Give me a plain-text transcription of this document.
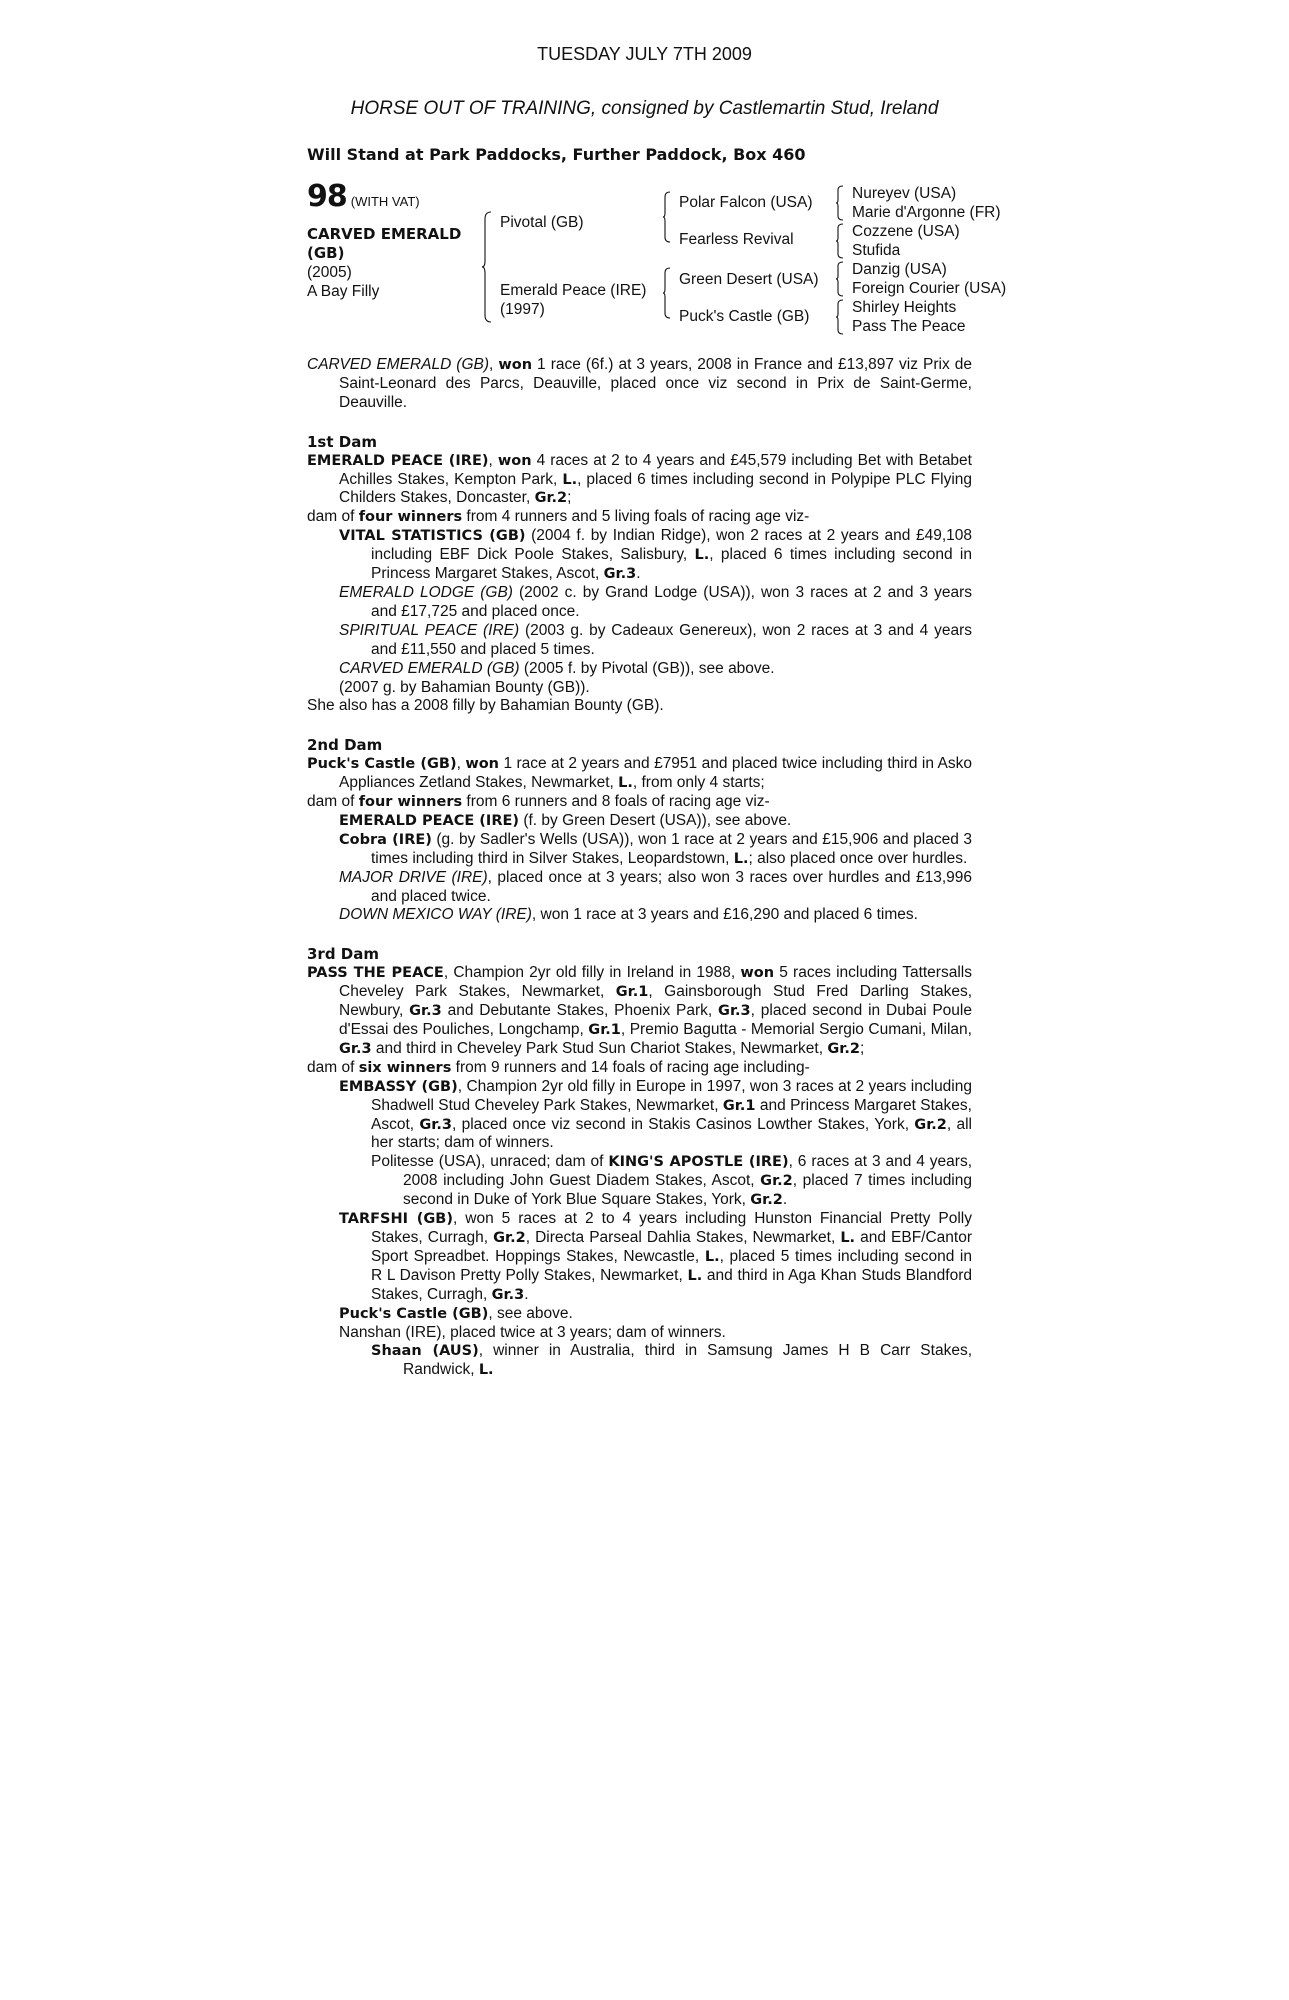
TUESDAY JULY 7TH 2009
HORSE OUT OF TRAINING, consigned by Castlemartin Stud, Ireland
Will Stand at Park Paddocks, Further Paddock, Box 460
98 (WITH VAT)
CARVED EMERALD
(GB)
(2005)
A Bay Filly
Pivotal (GB)
Emerald Peace (IRE)
(1997)
Polar Falcon (USA)
Fearless Revival
Green Desert (USA)
Puck's Castle (GB)
Nureyev (USA)
Marie d'Argonne (FR)
Cozzene (USA)
Stufida
Danzig (USA)
Foreign Courier (USA)
Shirley Heights
Pass The Peace

CARVED EMERALD (GB), won 1 race (6f.) at 3 years, 2008 in France and £13,897 viz Prix de Saint-Leonard des Parcs, Deauville, placed once viz second in Prix de Saint-Germe, Deauville.

1st Dam

EMERALD PEACE (IRE), won 4 races at 2 to 4 years and £45,579 including Bet with Betabet Achilles Stakes, Kempton Park, L., placed 6 times including second in Polypipe PLC Flying Childers Stakes, Doncaster, Gr.2;

dam of four winners from 4 runners and 5 living foals of racing age viz-

VITAL STATISTICS (GB) (2004 f. by Indian Ridge), won 2 races at 2 years and £49,108 including EBF Dick Poole Stakes, Salisbury, L., placed 6 times including second in Princess Margaret Stakes, Ascot, Gr.3.

EMERALD LODGE (GB) (2002 c. by Grand Lodge (USA)), won 3 races at 2 and 3 years and £17,725 and placed once.

SPIRITUAL PEACE (IRE) (2003 g. by Cadeaux Genereux), won 2 races at 3 and 4 years and £11,550 and placed 5 times.

CARVED EMERALD (GB) (2005 f. by Pivotal (GB)), see above.

(2007 g. by Bahamian Bounty (GB)).

She also has a 2008 filly by Bahamian Bounty (GB).

2nd Dam

Puck's Castle (GB), won 1 race at 2 years and £7951 and placed twice including third in Asko Appliances Zetland Stakes, Newmarket, L., from only 4 starts;

dam of four winners from 6 runners and 8 foals of racing age viz-

EMERALD PEACE (IRE) (f. by Green Desert (USA)), see above.

Cobra (IRE) (g. by Sadler's Wells (USA)), won 1 race at 2 years and £15,906 and placed 3 times including third in Silver Stakes, Leopardstown, L.; also placed once over hurdles.

MAJOR DRIVE (IRE), placed once at 3 years; also won 3 races over hurdles and £13,996 and placed twice.

DOWN MEXICO WAY (IRE), won 1 race at 3 years and £16,290 and placed 6 times.

3rd Dam

PASS THE PEACE, Champion 2yr old filly in Ireland in 1988, won 5 races including Tattersalls Cheveley Park Stakes, Newmarket, Gr.1, Gainsborough Stud Fred Darling Stakes, Newbury, Gr.3 and Debutante Stakes, Phoenix Park, Gr.3, placed second in Dubai Poule d'Essai des Pouliches, Longchamp, Gr.1, Premio Bagutta - Memorial Sergio Cumani, Milan, Gr.3 and third in Cheveley Park Stud Sun Chariot Stakes, Newmarket, Gr.2;

dam of six winners from 9 runners and 14 foals of racing age including-

EMBASSY (GB), Champion 2yr old filly in Europe in 1997, won 3 races at 2 years including Shadwell Stud Cheveley Park Stakes, Newmarket, Gr.1 and Princess Margaret Stakes, Ascot, Gr.3, placed once viz second in Stakis Casinos Lowther Stakes, York, Gr.2, all her starts; dam of winners.

Politesse (USA), unraced; dam of KING'S APOSTLE (IRE), 6 races at 3 and 4 years, 2008 including John Guest Diadem Stakes, Ascot, Gr.2, placed 7 times including second in Duke of York Blue Square Stakes, York, Gr.2.

TARFSHI (GB), won 5 races at 2 to 4 years including Hunston Financial Pretty Polly Stakes, Curragh, Gr.2, Directa Parseal Dahlia Stakes, Newmarket, L. and EBF/Cantor Sport Spreadbet. Hoppings Stakes, Newcastle, L., placed 5 times including second in R L Davison Pretty Polly Stakes, Newmarket, L. and third in Aga Khan Studs Blandford Stakes, Curragh, Gr.3.

Puck's Castle (GB), see above.

Nanshan (IRE), placed twice at 3 years; dam of winners.

Shaan (AUS), winner in Australia, third in Samsung James H B Carr Stakes, Randwick, L.
